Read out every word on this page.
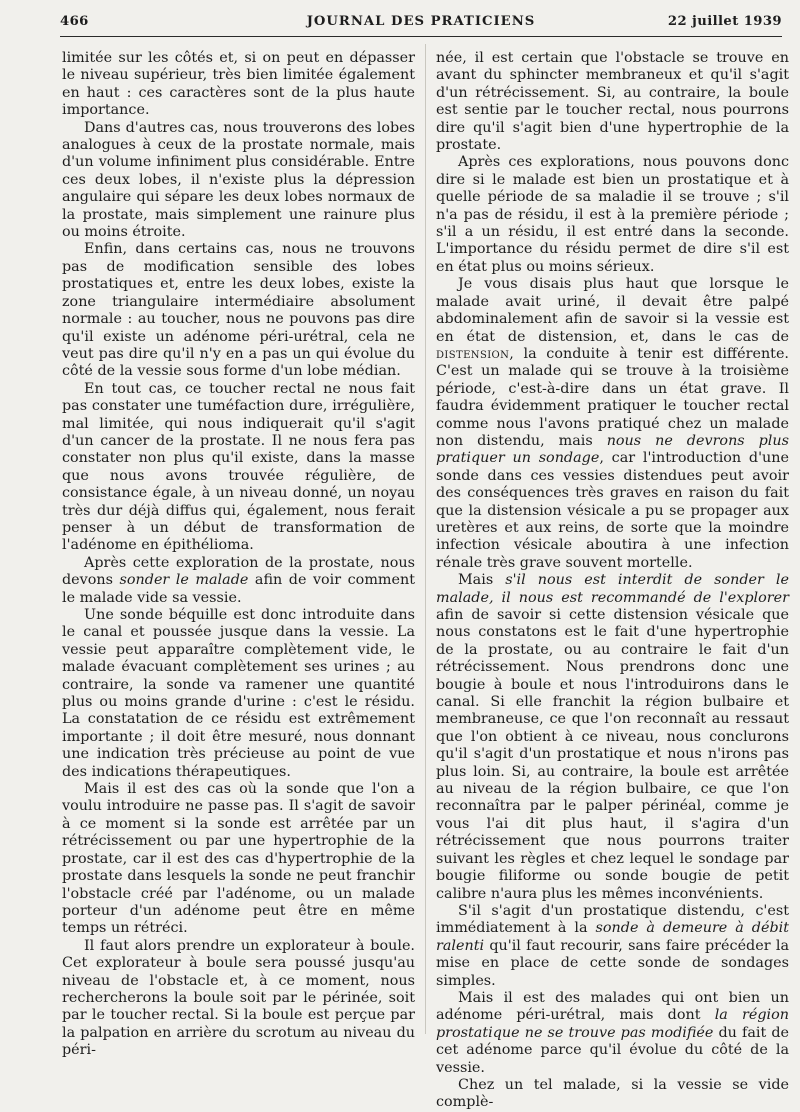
466	JOURNAL DES PRATICIENS	22 juillet 1939

limitée sur les côtés et, si on peut en dépasser le niveau supérieur, très bien limitée également en haut : ces caractères sont de la plus haute importance.

Dans d'autres cas, nous trouverons des lobes analogues à ceux de la prostate normale, mais d'un volume infiniment plus considérable. Entre ces deux lobes, il n'existe plus la dépression angulaire qui sépare les deux lobes normaux de la prostate, mais simplement une rainure plus ou moins étroite.

Enfin, dans certains cas, nous ne trouvons pas de modification sensible des lobes prostatiques et, entre les deux lobes, existe la zone triangulaire intermédiaire absolument normale : au toucher, nous ne pouvons pas dire qu'il existe un adénome péri-urétral, cela ne veut pas dire qu'il n'y en a pas un qui évolue du côté de la vessie sous forme d'un lobe médian.

En tout cas, ce toucher rectal ne nous fait pas constater une tuméfaction dure, irrégulière, mal limitée, qui nous indiquerait qu'il s'agit d'un cancer de la prostate. Il ne nous fera pas constater non plus qu'il existe, dans la masse que nous avons trouvée régulière, de consistance égale, à un niveau donné, un noyau très dur déjà diffus qui, également, nous ferait penser à un début de transformation de l'adénome en épithélioma.

Après cette exploration de la prostate, nous devons sonder le malade afin de voir comment le malade vide sa vessie.

Une sonde béquille est donc introduite dans le canal et poussée jusque dans la vessie. La vessie peut apparaître complètement vide, le malade évacuant complètement ses urines ; au contraire, la sonde va ramener une quantité plus ou moins grande d'urine : c'est le résidu. La constatation de ce résidu est extrêmement importante ; il doit être mesuré, nous donnant une indication très précieuse au point de vue des indications thérapeutiques.

Mais il est des cas où la sonde que l'on a voulu introduire ne passe pas. Il s'agit de savoir à ce moment si la sonde est arrêtée par un rétrécissement ou par une hypertrophie de la prostate, car il est des cas d'hypertrophie de la prostate dans lesquels la sonde ne peut franchir l'obstacle créé par l'adénome, ou un malade porteur d'un adénome peut être en même temps un rétréci.

Il faut alors prendre un explorateur à boule. Cet explorateur à boule sera poussé jusqu'au niveau de l'obstacle et, à ce moment, nous rechercherons la boule soit par le périnée, soit par le toucher rectal. Si la boule est perçue par la palpation en arrière du scrotum au niveau du péri-

née, il est certain que l'obstacle se trouve en avant du sphincter membraneux et qu'il s'agit d'un rétrécissement. Si, au contraire, la boule est sentie par le toucher rectal, nous pourrons dire qu'il s'agit bien d'une hypertrophie de la prostate.

Après ces explorations, nous pouvons donc dire si le malade est bien un prostatique et à quelle période de sa maladie il se trouve ; s'il n'a pas de résidu, il est à la première période ; s'il a un résidu, il est entré dans la seconde. L'importance du résidu permet de dire s'il est en état plus ou moins sérieux.

Je vous disais plus haut que lorsque le malade avait uriné, il devait être palpé abdominalement afin de savoir si la vessie est en état de distension, et, dans le cas de distension, la conduite à tenir est différente. C'est un malade qui se trouve à la troisième période, c'est-à-dire dans un état grave. Il faudra évidemment pratiquer le toucher rectal comme nous l'avons pratiqué chez un malade non distendu, mais nous ne devrons plus pratiquer un sondage, car l'introduction d'une sonde dans ces vessies distendues peut avoir des conséquences très graves en raison du fait que la distension vésicale a pu se propager aux uretères et aux reins, de sorte que la moindre infection vésicale aboutira à une infection rénale très grave souvent mortelle.

Mais s'il nous est interdit de sonder le malade, il nous est recommandé de l'explorer afin de savoir si cette distension vésicale que nous constatons est le fait d'une hypertrophie de la prostate, ou au contraire le fait d'un rétrécissement. Nous prendrons donc une bougie à boule et nous l'introduirons dans le canal. Si elle franchit la région bulbaire et membraneuse, ce que l'on reconnaît au ressaut que l'on obtient à ce niveau, nous conclurons qu'il s'agit d'un prostatique et nous n'irons pas plus loin. Si, au contraire, la boule est arrêtée au niveau de la région bulbaire, ce que l'on reconnaîtra par le palper périnéal, comme je vous l'ai dit plus haut, il s'agira d'un rétrécissement que nous pourrons traiter suivant les règles et chez lequel le sondage par bougie filiforme ou sonde bougie de petit calibre n'aura plus les mêmes inconvénients.

S'il s'agit d'un prostatique distendu, c'est immédiatement à la sonde à demeure à débit ralenti qu'il faut recourir, sans faire précéder la mise en place de cette sonde de sondages simples.

Mais il est des malades qui ont bien un adénome péri-urétral, mais dont la région prostatique ne se trouve pas modifiée du fait de cet adénome parce qu'il évolue du côté de la vessie.

Chez un tel malade, si la vessie se vide complè-
